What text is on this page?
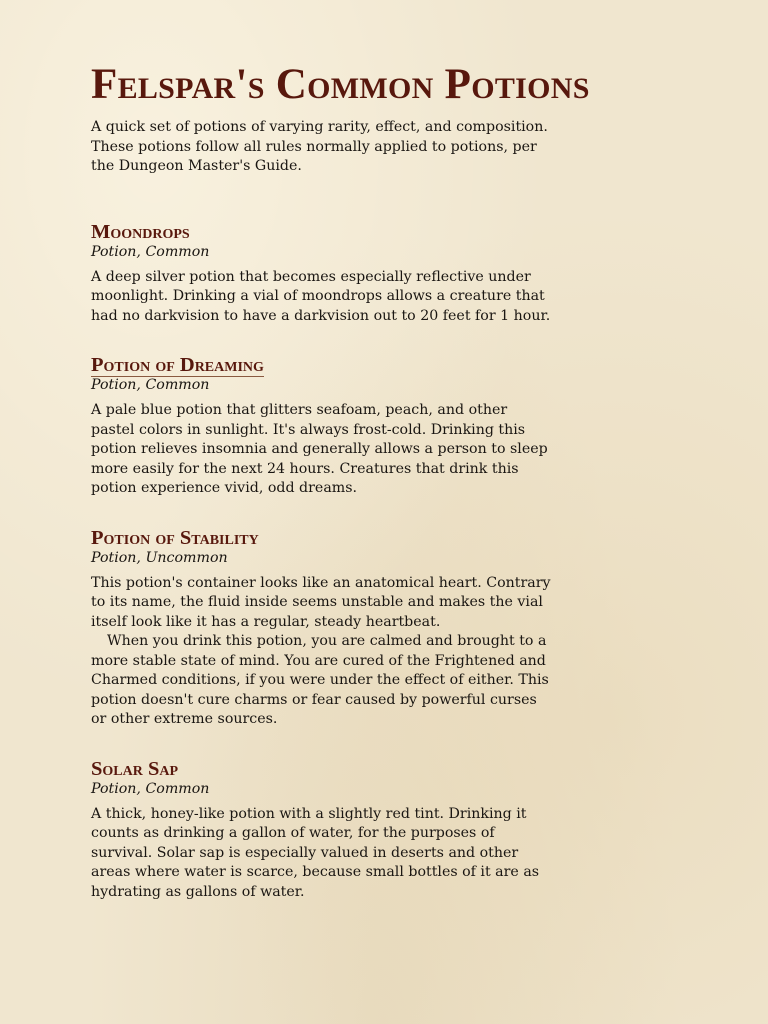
Felspar's Common Potions

A quick set of potions of varying rarity, effect, and composition. These potions follow all rules normally applied to potions, per the Dungeon Master's Guide.

Moondrops

Potion, Common

A deep silver potion that becomes especially reflective under moonlight. Drinking a vial of moondrops allows a creature that had no darkvision to have a darkvision out to 20 feet for 1 hour.

Potion of Dreaming

Potion, Common

A pale blue potion that glitters seafoam, peach, and other pastel colors in sunlight. It's always frost-cold. Drinking this potion relieves insomnia and generally allows a person to sleep more easily for the next 24 hours. Creatures that drink this potion experience vivid, odd dreams.

Potion of Stability

Potion, Uncommon

This potion's container looks like an anatomical heart. Contrary to its name, the fluid inside seems unstable and makes the vial itself look like it has a regular, steady heartbeat.

When you drink this potion, you are calmed and brought to a more stable state of mind. You are cured of the Frightened and Charmed conditions, if you were under the effect of either. This potion doesn't cure charms or fear caused by powerful curses or other extreme sources.

Solar Sap

Potion, Common

A thick, honey-like potion with a slightly red tint. Drinking it counts as drinking a gallon of water, for the purposes of survival. Solar sap is especially valued in deserts and other areas where water is scarce, because small bottles of it are as hydrating as gallons of water.
